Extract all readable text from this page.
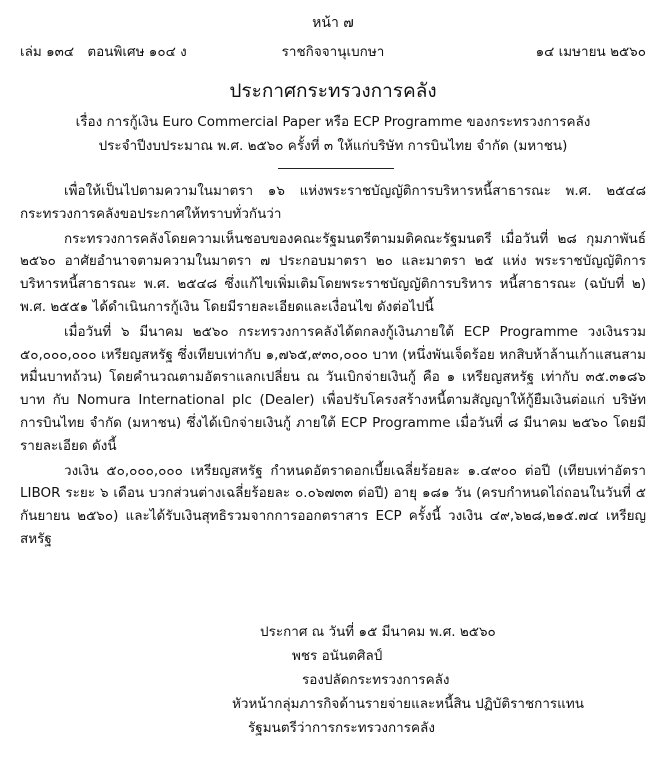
หน้า ๗
เล่ม ๑๓๔ ตอนพิเศษ ๑๐๔ ง	ราชกิจจานุเบกษา	๑๔ เมษายน ๒๕๖๐
ประกาศกระทรวงการคลัง
เรื่อง การกู้เงิน Euro Commercial Paper หรือ ECP Programme ของกระทรวงการคลัง
ประจำปีงบประมาณ พ.ศ. ๒๕๖๐ ครั้งที่ ๓ ให้แก่บริษัท การบินไทย จำกัด (มหาชน)

เพื่อให้เป็นไปตามความในมาตรา ๑๖ แห่งพระราชบัญญัติการบริหารหนี้สาธารณะ พ.ศ. ๒๕๔๘ กระทรวงการคลังขอประกาศให้ทราบทั่วกันว่า

กระทรวงการคลังโดยความเห็นชอบของคณะรัฐมนตรีตามมติคณะรัฐมนตรี เมื่อวันที่ ๒๘ กุมภาพันธ์ ๒๕๖๐ อาศัยอำนาจตามความในมาตรา ๗ ประกอบมาตรา ๒๐ และมาตรา ๒๕ แห่ง พระราชบัญญัติการบริหารหนี้สาธารณะ พ.ศ. ๒๕๔๘ ซึ่งแก้ไขเพิ่มเติมโดยพระราชบัญญัติการบริหาร หนี้สาธารณะ (ฉบับที่ ๒) พ.ศ. ๒๕๕๑ ได้ดำเนินการกู้เงิน โดยมีรายละเอียดและเงื่อนไข ดังต่อไปนี้

เมื่อวันที่ ๖ มีนาคม ๒๕๖๐ กระทรวงการคลังได้ตกลงกู้เงินภายใต้ ECP Programme วงเงินรวม ๕๐,๐๐๐,๐๐๐ เหรียญสหรัฐ ซึ่งเทียบเท่ากับ ๑,๗๖๕,๙๓๐,๐๐๐ บาท (หนึ่งพันเจ็ดร้อย หกสิบห้าล้านเก้าแสนสามหมื่นบาทถ้วน) โดยคำนวณตามอัตราแลกเปลี่ยน ณ วันเบิกจ่ายเงินกู้ คือ ๑ เหรียญสหรัฐ เท่ากับ ๓๕.๓๑๘๖ บาท กับ Nomura International plc (Dealer) เพื่อปรับโครงสร้างหนี้ตามสัญญาให้กู้ยืมเงินต่อแก่ บริษัท การบินไทย จำกัด (มหาชน) ซึ่งได้เบิกจ่ายเงินกู้ ภายใต้ ECP Programme เมื่อวันที่ ๘ มีนาคม ๒๕๖๐ โดยมีรายละเอียด ดังนี้

วงเงิน ๕๐,๐๐๐,๐๐๐ เหรียญสหรัฐ กำหนดอัตราดอกเบี้ยเฉลี่ยร้อยละ ๑.๔๙๐๐ ต่อปี (เทียบเท่าอัตรา LIBOR ระยะ ๖ เดือน บวกส่วนต่างเฉลี่ยร้อยละ ๐.๐๖๗๓๓ ต่อปี) อายุ ๑๘๑ วัน (ครบกำหนดไถ่ถอนในวันที่ ๕ กันยายน ๒๕๖๐) และได้รับเงินสุทธิรวมจากการออกตราสาร ECP ครั้งนี้ วงเงิน ๔๙,๖๒๘,๒๑๕.๗๔ เหรียญสหรัฐ

ประกาศ ณ วันที่ ๑๕ มีนาคม พ.ศ. ๒๕๖๐
พชร อนันตศิลป์
รองปลัดกระทรวงการคลัง
หัวหน้ากลุ่มภารกิจด้านรายจ่ายและหนี้สิน ปฏิบัติราชการแทน
รัฐมนตรีว่าการกระทรวงการคลัง
